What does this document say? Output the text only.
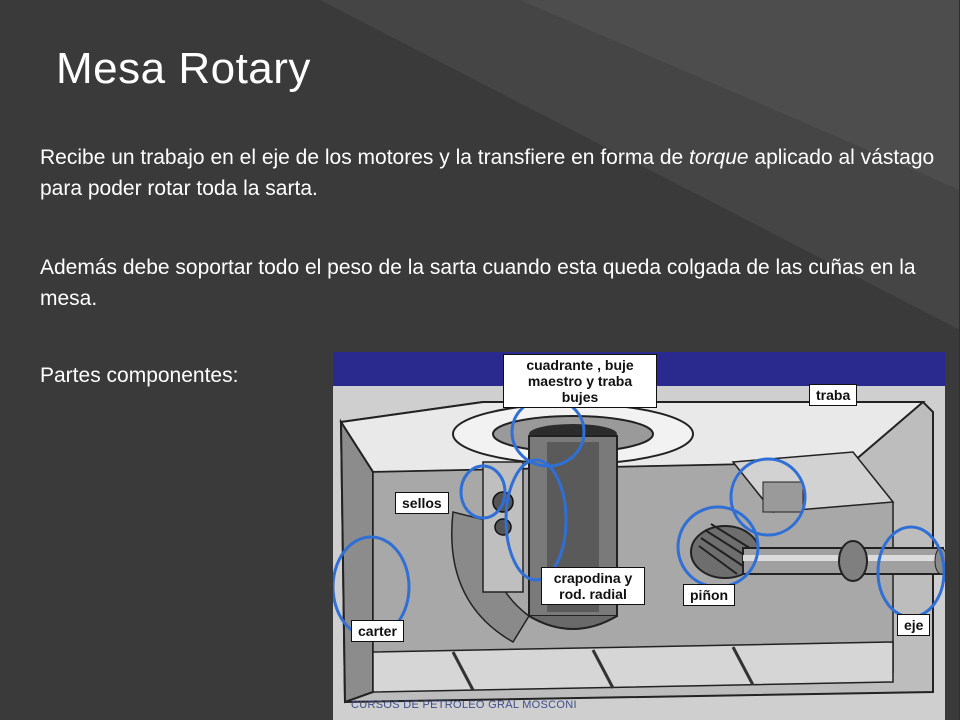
Mesa Rotary
Recibe un trabajo en el eje de los motores y la transfiere en forma de torque aplicado al vástago para poder rotar toda la sarta.
Además debe soportar todo el peso de la sarta cuando esta queda colgada de las cuñas en la mesa.
Partes componentes:	cuadrante , buje maestro y traba bujes	traba
sellos
crapodina y rod. radial	piñon
carter	eje
CURSOS DE PETROLEO GRAL MOSCONI
